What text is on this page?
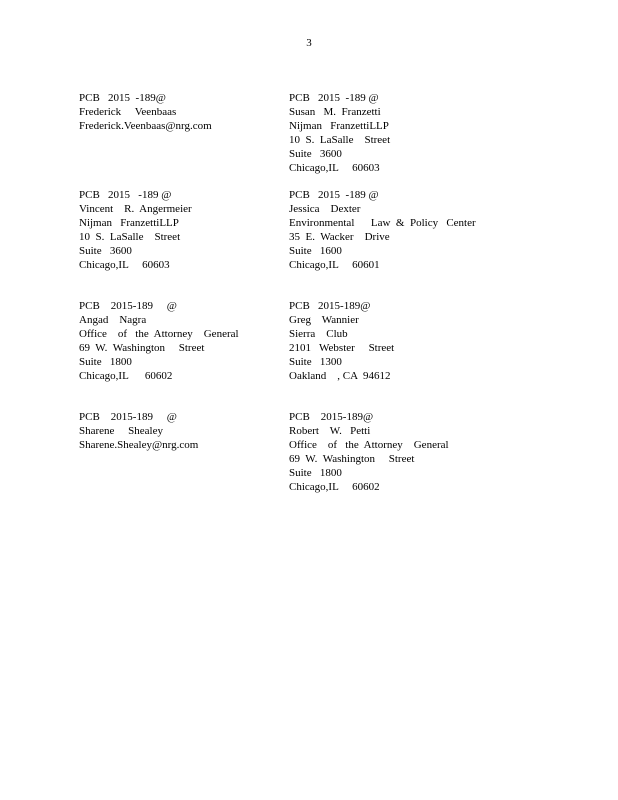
3
PCB   2015  -189@
Frederick     Veenbaas
Frederick.Veenbaas@nrg.com
PCB   2015  -189 @
Susan   M.  Franzetti
Nijman   FranzettiLLP
10  S.  LaSalle    Street
Suite   3600
Chicago,IL     60603
PCB   2015   -189 @
Vincent    R.  Angermeier
Nijman   FranzettiLLP
10  S.  LaSalle    Street
Suite   3600
Chicago,IL     60603
PCB   2015  -189 @
Jessica    Dexter
Environmental      Law  &  Policy   Center
35  E.  Wacker    Drive
Suite   1600
Chicago,IL     60601
PCB    2015-189     @
Angad    Nagra
Office    of   the  Attorney    General
69  W.  Washington     Street
Suite   1800
Chicago,IL      60602
PCB   2015-189@
Greg    Wannier
Sierra    Club
2101   Webster     Street
Suite   1300
Oakland    , CA  94612
PCB    2015-189     @
Sharene     Shealey
Sharene.Shealey@nrg.com
PCB    2015-189@
Robert    W.   Petti
Office    of   the  Attorney    General
69  W.  Washington     Street
Suite   1800
Chicago,IL     60602
